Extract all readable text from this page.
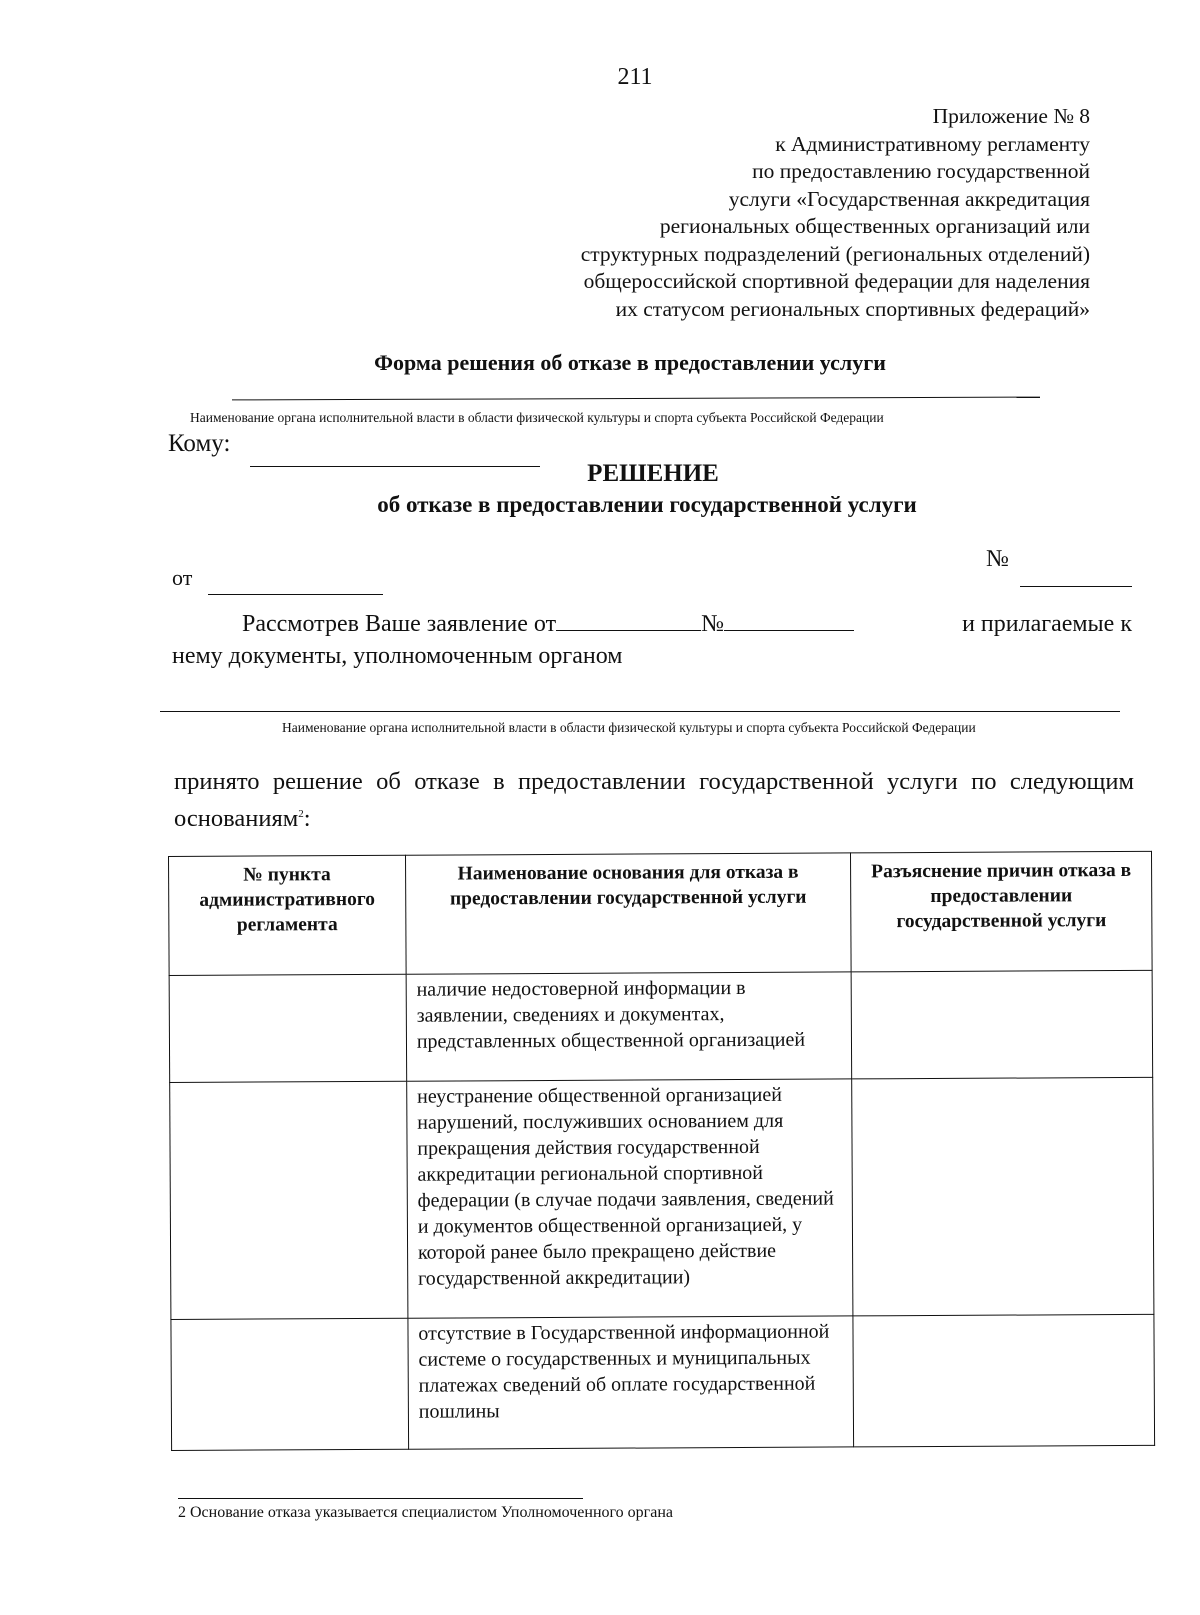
211
Приложение № 8
к Административному регламенту
по предоставлению государственной
услуги «Государственная аккредитация
региональных общественных организаций или
структурных подразделений (региональных отделений)
общероссийской спортивной федерации для наделения
их статусом региональных спортивных федераций»
Форма решения об отказе в предоставлении услуги
Наименование органа исполнительной власти в области физической культуры и спорта субъекта Российской Федерации
Кому:
РЕШЕНИЕ
об отказе в предоставлении государственной услуги
от
№
Рассмотрев Ваше заявление от	№	и прилагаемые к
нему документы, уполномоченным органом
Наименование органа исполнительной власти в области физической культуры и спорта субъекта Российской Федерации
принято решение об отказе в предоставлении государственной услуги по следующим основаниям$^2$:
№ пункта административного регламента	Наименование основания для отказа в предоставлении государственной услуги	Разъяснение причин отказа в предоставлении государственной услуги
	наличие недостоверной информации в заявлении, сведениях и документах, представленных общественной организацией	
	неустранение общественной организацией нарушений, послуживших основанием для прекращения действия государственной аккредитации региональной спортивной федерации (в случае подачи заявления, сведений и документов общественной организацией, у которой ранее было прекращено действие государственной аккредитации)	
	отсутствие в Государственной информационной системе о государственных и муниципальных платежах сведений об оплате государственной пошлины	
2 Основание отказа указывается специалистом Уполномоченного органа
